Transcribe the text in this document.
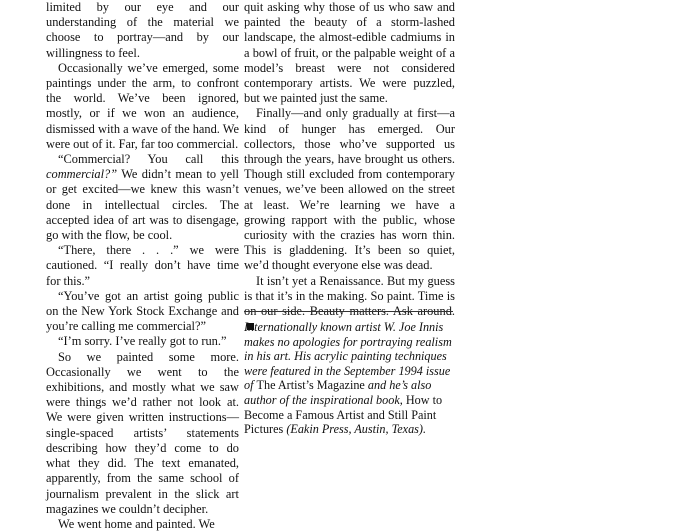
limited by our eye and our understanding of the material we choose to portray—and by our willingness to feel.

Occasionally we’ve emerged, some paintings under the arm, to confront the world. We’ve been ignored, mostly, or if we won an audience, dismissed with a wave of the hand. We were out of it. Far, far too commercial.

“Commercial? You call this commercial?” We didn’t mean to yell or get excited—we knew this wasn’t done in intellectual circles. The accepted idea of art was to disengage, go with the flow, be cool.

“There, there . . .” we were cautioned. “I really don’t have time for this.”

“You’ve got an artist going public on the New York Stock Exchange and you’re calling me commercial?”

“I’m sorry. I’ve really got to run.”

So we painted some more. Occasionally we went to the exhibitions, and mostly what we saw were things we’d rather not look at. We were given written instructions—single-spaced artists’ statements describing how they’d come to do what they did. The text emanated, apparently, from the same school of journalism prevalent in the slick art magazines we couldn’t decipher.

We went home and painted. We

quit asking why those of us who saw and painted the beauty of a storm-lashed landscape, the almost-edible cadmiums in a bowl of fruit, or the palpable weight of a model’s breast were not considered contemporary artists. We were puzzled, but we painted just the same.

Finally—and only gradually at first—a kind of hunger has emerged. Our collectors, those who’ve supported us through the years, have brought us others. Though still excluded from contemporary venues, we’ve been allowed on the street at least. We’re learning we have a growing rapport with the public, whose curiosity with the crazies has worn thin. This is gladdening. It’s been so quiet, we’d thought everyone else was dead.

It isn’t yet a Renaissance. But my guess is that it’s in the making. So paint. Time is on our side. Beauty matters. Ask around.

Internationally known artist W. Joe Innis makes no apologies for portraying realism in his art. His acrylic painting techniques were featured in the September 1994 issue of The Artist’s Magazine and he’s also author of the inspirational book, How to Become a Famous Artist and Still Paint Pictures (Eakin Press, Austin, Texas).
